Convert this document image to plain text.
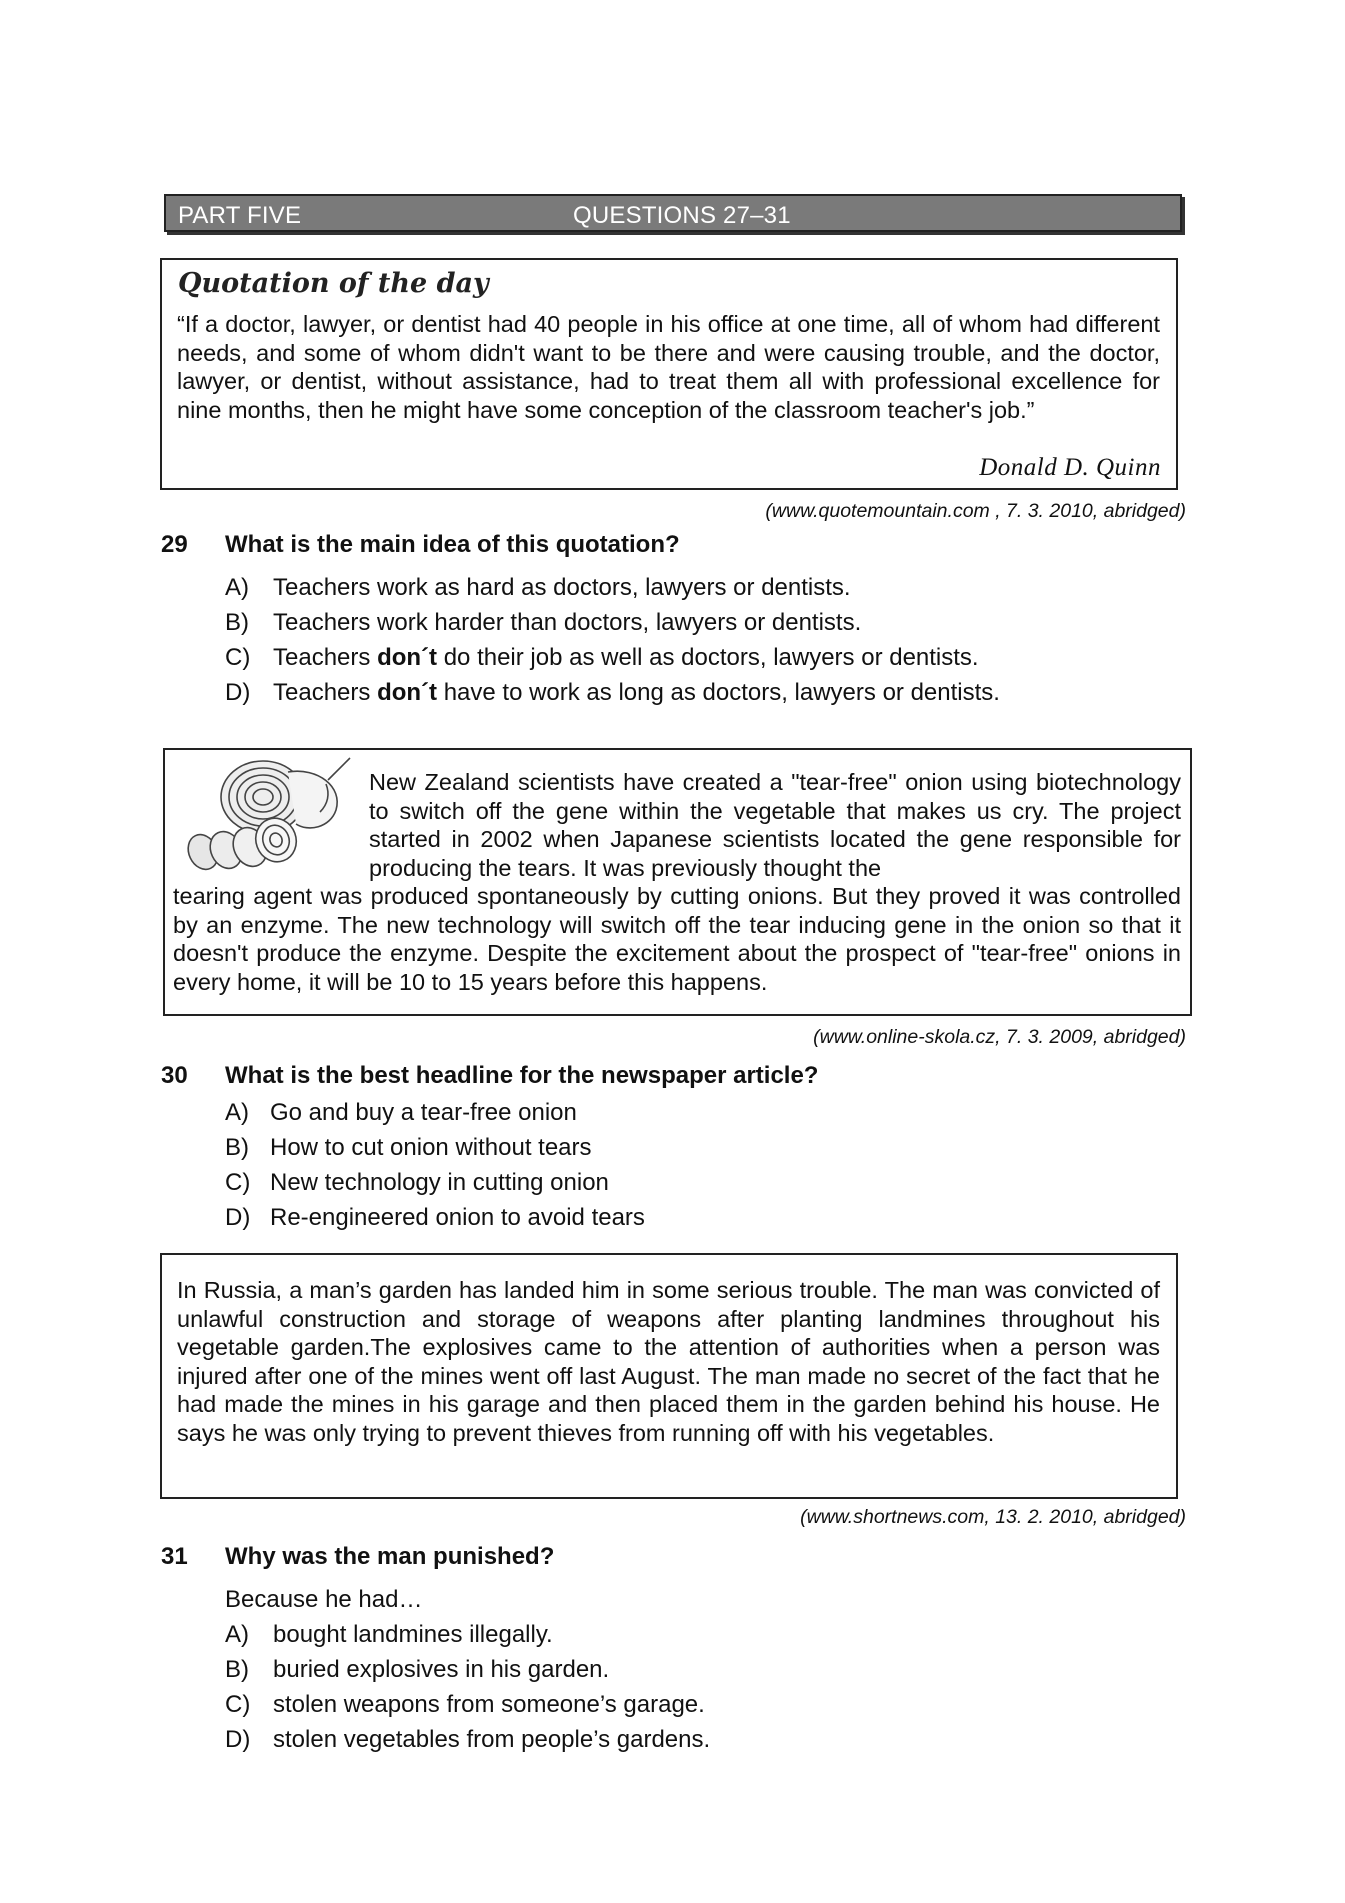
PART FIVE	QUESTIONS 27–31
Quotation of the day
“If a doctor, lawyer, or dentist had 40 people in his office at one time, all of whom had different needs, and some of whom didn't want to be there and were causing trouble, and the doctor, lawyer, or dentist, without assistance, had to treat them all with professional excellence for nine months, then he might have some conception of the classroom teacher's job.”
Donald D. Quinn
(www.quotemountain.com , 7. 3. 2010, abridged)
29 What is the main idea of this quotation?
A) Teachers work as hard as doctors, lawyers or dentists.
B) Teachers work harder than doctors, lawyers or dentists.
C) Teachers don´t do their job as well as doctors, lawyers or dentists.
D) Teachers don´t have to work as long as doctors, lawyers or dentists.
New Zealand scientists have created a "tear-free" onion using biotechnology to switch off the gene within the vegetable that makes us cry. The project started in 2002 when Japanese scientists located the gene responsible for producing the tears. It was previously thought the
tearing agent was produced spontaneously by cutting onions. But they proved it was controlled by an enzyme. The new technology will switch off the tear inducing gene in the onion so that it doesn't produce the enzyme. Despite the excitement about the prospect of "tear-free" onions in every home, it will be 10 to 15 years before this happens.
(www.online-skola.cz, 7. 3. 2009, abridged)
30 What is the best headline for the newspaper article?
A) Go and buy a tear-free onion
B) How to cut onion without tears
C) New technology in cutting onion
D) Re-engineered onion to avoid tears
In Russia, a man’s garden has landed him in some serious trouble. The man was convicted of unlawful construction and storage of weapons after planting landmines throughout his vegetable garden.The explosives came to the attention of authorities when a person was injured after one of the mines went off last August. The man made no secret of the fact that he had made the mines in his garage and then placed them in the garden behind his house. He says he was only trying to prevent thieves from running off with his vegetables.
(www.shortnews.com, 13. 2. 2010, abridged)
31 Why was the man punished?
Because he had…
A) bought landmines illegally.
B) buried explosives in his garden.
C) stolen weapons from someone’s garage.
D) stolen vegetables from people’s gardens.
